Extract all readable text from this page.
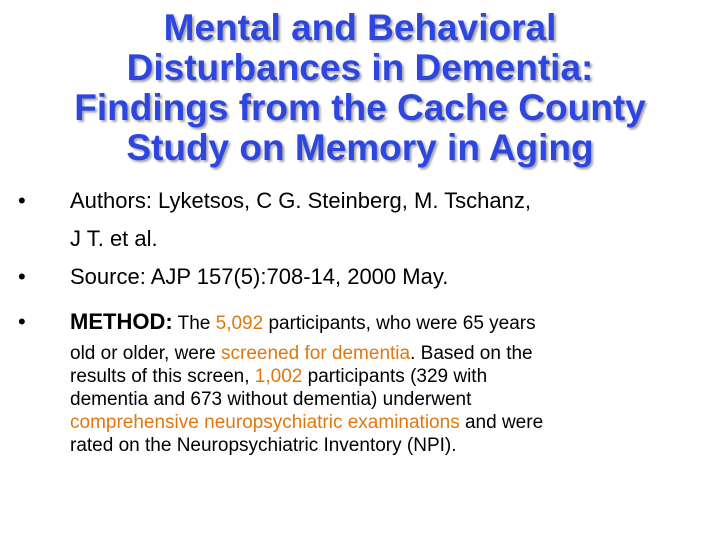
Mental and Behavioral
Disturbances in Dementia:
Findings from the Cache County
Study on Memory in Aging
• Authors: Lyketsos, C G. Steinberg, M. Tschanz,
J T. et al.
• Source: AJP 157(5):708-14, 2000 May.
• METHOD: The 5,092 participants, who were 65 years
old or older, were screened for dementia. Based on the
results of this screen, 1,002 participants (329 with
dementia and 673 without dementia) underwent
comprehensive neuropsychiatric examinations and were
rated on the Neuropsychiatric Inventory (NPI).
